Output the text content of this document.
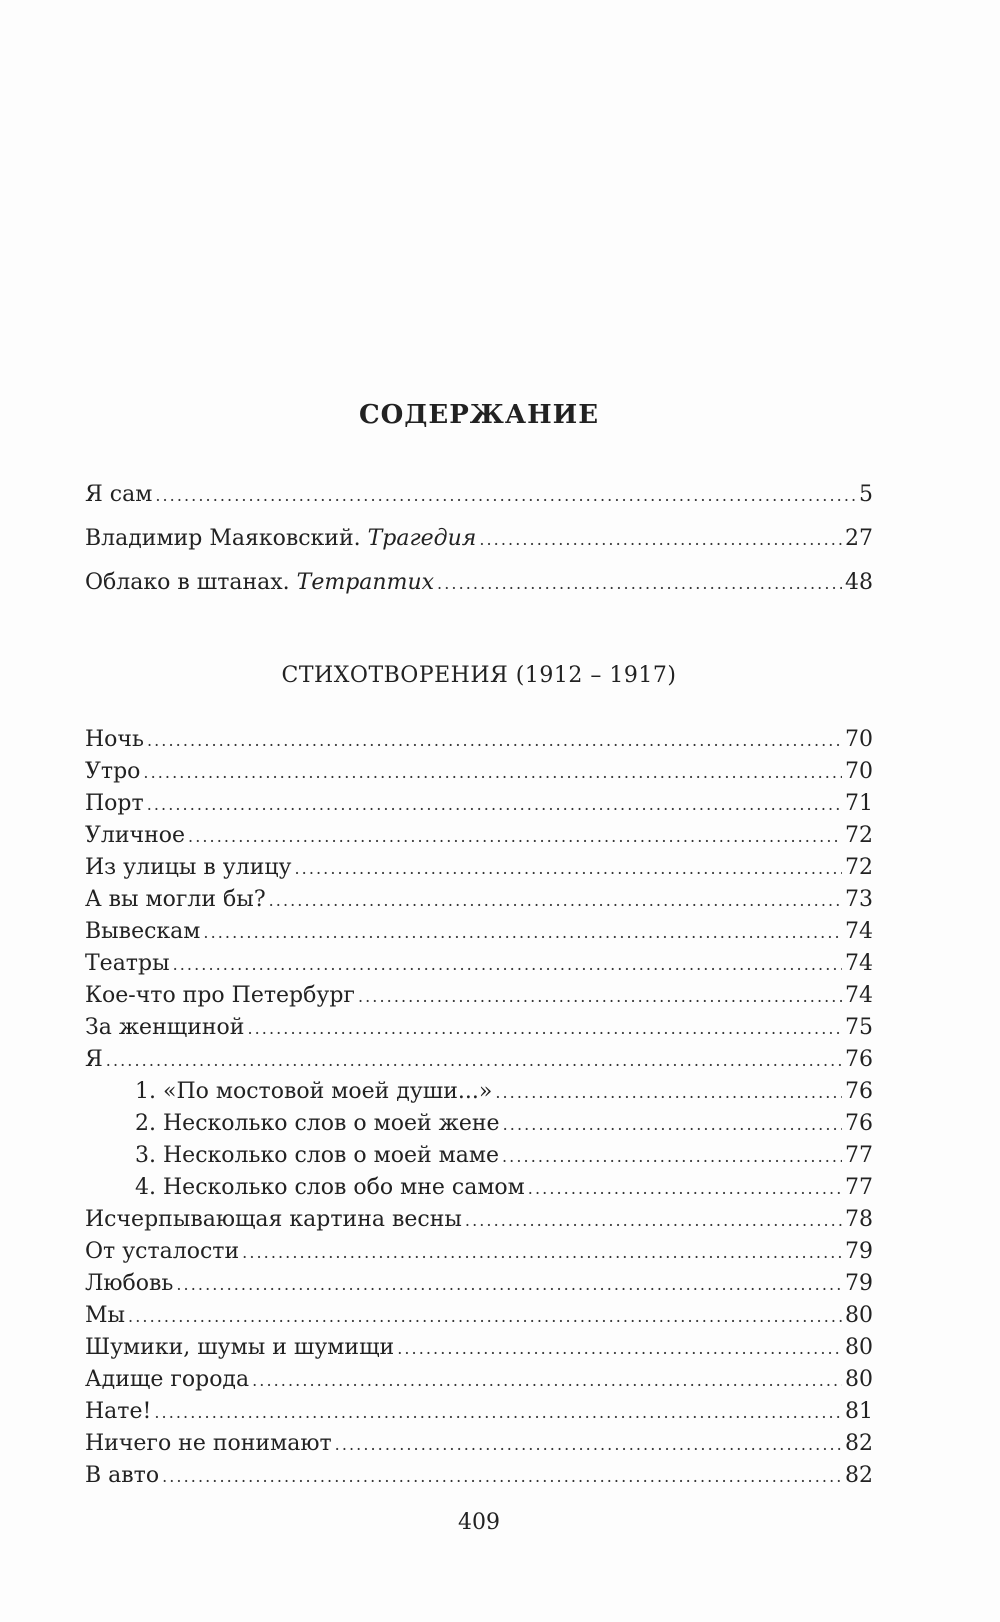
СОДЕРЖАНИЕ
Я сам . . .	5
Владимир Маяковский. Трагедия . . .	27
Облако в штанах. Тетраптих . . .	48
СТИХОТВОРЕНИЯ (1912 – 1917)
Ночь . . .	70
Утро . . .	70
Порт . . .	71
Уличное . . .	72
Из улицы в улицу . . .	72
А вы могли бы? . . .	73
Вывескам . . .	74
Театры . . .	74
Кое-что про Петербург . . .	74
За женщиной . . .	75
Я . . .	76
1. «По мостовой моей души...» . . .	76
2. Несколько слов о моей жене . . .	76
3. Несколько слов о моей маме . . .	77
4. Несколько слов обо мне самом . . .	77
Исчерпывающая картина весны . . .	78
От усталости . . .	79
Любовь . . .	79
Мы . . .	80
Шумики, шумы и шумищи . . .	80
Адище города . . .	80
Нате! . . .	81
Ничего не понимают . . .	82
В авто . . .	82
409
